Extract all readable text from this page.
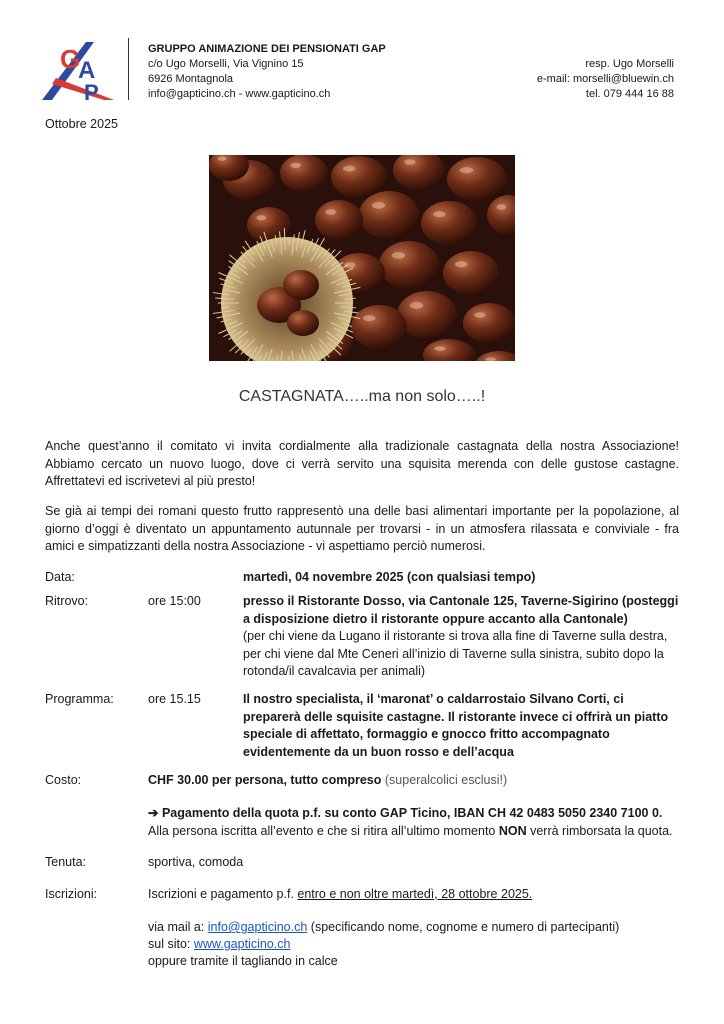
G
A
P
GRUPPO ANIMAZIONE DEI PENSIONATI GAP
c/o Ugo Morselli, Via Vignino 15
6926 Montagnola
info@gapticino.ch - www.gapticino.ch
resp. Ugo Morselli
e-mail: morselli@bluewin.ch
tel. 079 444 16 88
Ottobre 2025
CASTAGNATA…..ma non solo…..!
Anche quest’anno il comitato vi invita cordialmente alla tradizionale castagnata della nostra Associazione! Abbiamo cercato un nuovo luogo, dove ci verrà servito una squisita merenda con delle gustose castagne. Affrettatevi ed iscrivetevi al più presto!
Se già ai tempi dei romani questo frutto rappresentò una delle basi alimentari importante per la popolazione, al giorno d’oggi è diventato un appuntamento autunnale per trovarsi - in un atmosfera rilassata e conviviale - fra amici e simpatizzanti della nostra Associazione - vi aspettiamo perciò numerosi.
Data:	martedì, 04 novembre 2025 (con qualsiasi tempo)
Ritrovo:	ore 15:00	presso il Ristorante Dosso, via Cantonale 125, Taverne-Sigirino (posteggi a disposizione dietro il ristorante oppure accanto alla Cantonale)
(per chi viene da Lugano il ristorante si trova alla fine di Taverne sulla destra, per chi viene dal Mte Ceneri all’inizio di Taverne sulla sinistra, subito dopo la rotonda/il cavalcavia per animali)
Programma:	ore 15.15	Il nostro specialista, il ‘maronat’ o caldarrostaio Silvano Corti, ci preparerà delle squisite castagne. Il ristorante invece ci offrirà un piatto speciale di affettato, formaggio e gnocco fritto accompagnato evidentemente da un buon rosso e dell’acqua
Costo:	CHF 30.00 per persona, tutto compreso (superalcolici esclusi!)
➔ Pagamento della quota p.f. su conto GAP Ticino, IBAN CH 42 0483 5050 2340 7100 0. Alla persona iscritta all’evento e che si ritira all’ultimo momento NON verrà rimborsata la quota.
Tenuta:	sportiva, comoda
Iscrizioni:	Iscrizioni e pagamento p.f. entro e non oltre martedì, 28 ottobre 2025.
via mail a: info@gapticino.ch (specificando nome, cognome e numero di partecipanti)
sul sito: www.gapticino.ch
oppure tramite il tagliando in calce
